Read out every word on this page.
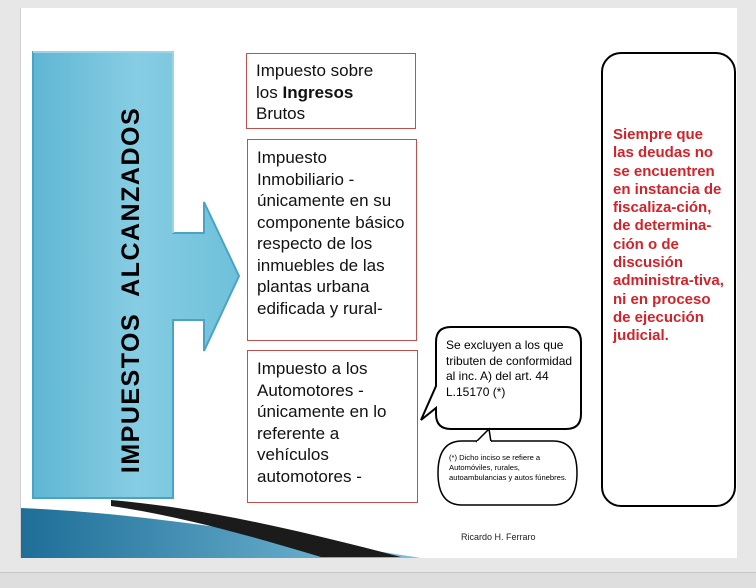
IMPUESTOS  ALCANZADOS
Impuesto sobre
los Ingresos
Brutos
Impuesto Inmobiliario - únicamente en su componente básico respecto de los inmuebles de las plantas urbana edificada y rural-
Impuesto a los Automotores - únicamente en lo referente a vehículos automotores -
Se excluyen a los que tributen de conformidad al inc. A) del art. 44 L.15170 (*)
(*) Dicho inciso se refiere a Automóviles, rurales, autoambulancias y autos fúnebres.
Siempre que las deudas no se encuentren en instancia de fiscaliza-ción, de determina-ción o de discusión administra-tiva, ni en proceso de ejecución judicial.
Ricardo H. Ferraro
